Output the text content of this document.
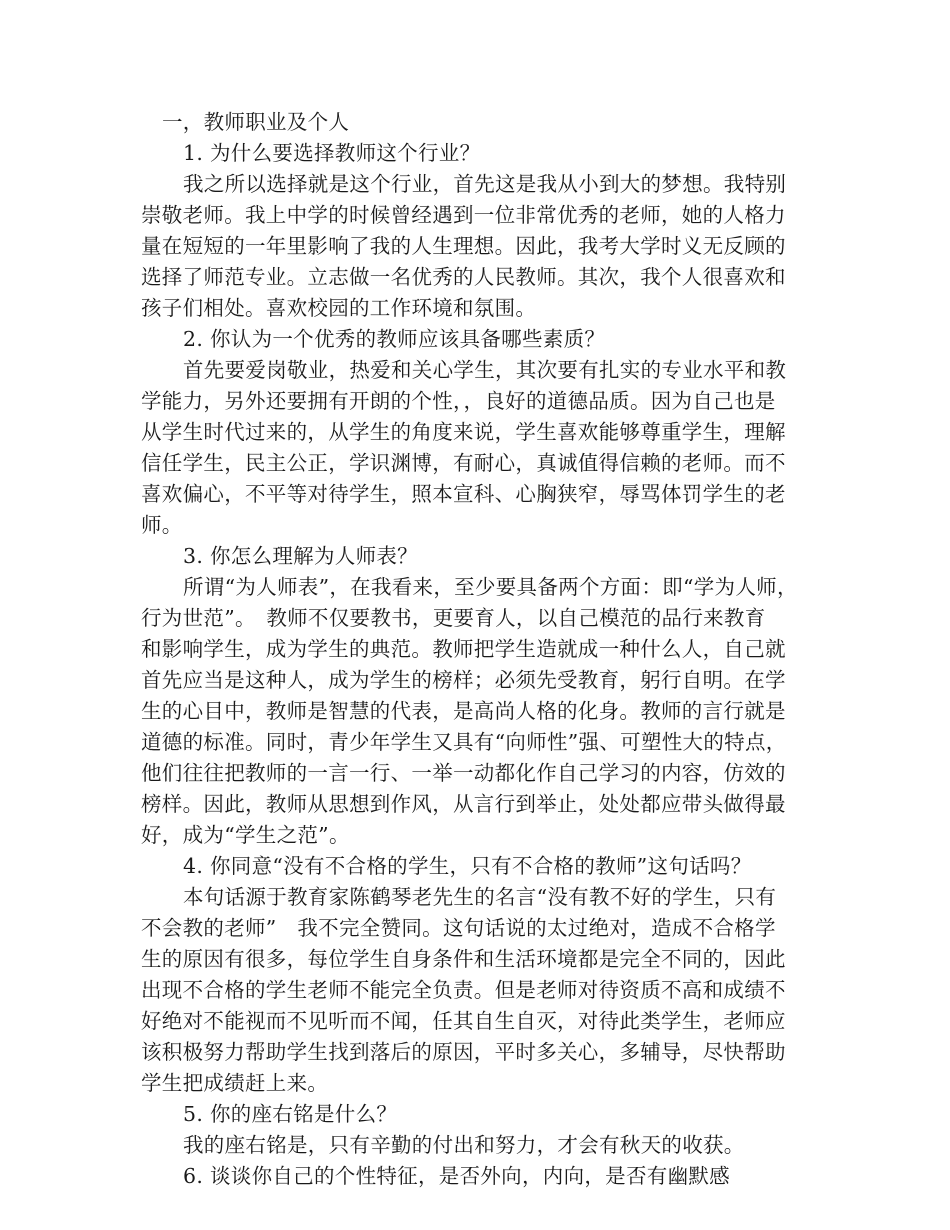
一，教师职业及个人
1. 为什么要选择教师这个行业？
我之所以选择就是这个行业，首先这是我从小到大的梦想。我特别
崇敬老师。我上中学的时候曾经遇到一位非常优秀的老师，她的人格力
量在短短的一年里影响了我的人生理想。因此，我考大学时义无反顾的
选择了师范专业。立志做一名优秀的人民教师。其次，我个人很喜欢和
孩子们相处。喜欢校园的工作环境和氛围。
2. 你认为一个优秀的教师应该具备哪些素质？
首先要爱岗敬业，热爱和关心学生，其次要有扎实的专业水平和教
学能力，另外还要拥有开朗的个性，，良好的道德品质。因为自己也是
从学生时代过来的，从学生的角度来说，学生喜欢能够尊重学生，理解
信任学生，民主公正，学识渊博，有耐心，真诚值得信赖的老师。而不
喜欢偏心，不平等对待学生，照本宣科、心胸狭窄，辱骂体罚学生的老
师。
3. 你怎么理解为人师表？
所谓“为人师表”，在我看来，至少要具备两个方面：即“学为人师，
行为世范”。　教师不仅要教书，更要育人，以自己模范的品行来教育
和影响学生，成为学生的典范。教师把学生造就成一种什么人，自己就
首先应当是这种人，成为学生的榜样；必须先受教育，躬行自明。在学
生的心目中，教师是智慧的代表，是高尚人格的化身。教师的言行就是
道德的标准。同时，青少年学生又具有“向师性”强、可塑性大的特点，
他们往往把教师的一言一行、一举一动都化作自己学习的内容，仿效的
榜样。因此，教师从思想到作风，从言行到举止，处处都应带头做得最
好，成为“学生之范”。
4. 你同意“没有不合格的学生，只有不合格的教师”这句话吗？
本句话源于教育家陈鹤琴老先生的名言“没有教不好的学生，只有
不会教的老师”　我不完全赞同。这句话说的太过绝对，造成不合格学
生的原因有很多，每位学生自身条件和生活环境都是完全不同的，因此
出现不合格的学生老师不能完全负责。但是老师对待资质不高和成绩不
好绝对不能视而不见听而不闻，任其自生自灭，对待此类学生，老师应
该积极努力帮助学生找到落后的原因，平时多关心，多辅导，尽快帮助
学生把成绩赶上来。
5. 你的座右铭是什么？
我的座右铭是，只有辛勤的付出和努力，才会有秋天的收获。
6. 谈谈你自己的个性特征，是否外向，内向，是否有幽默感
